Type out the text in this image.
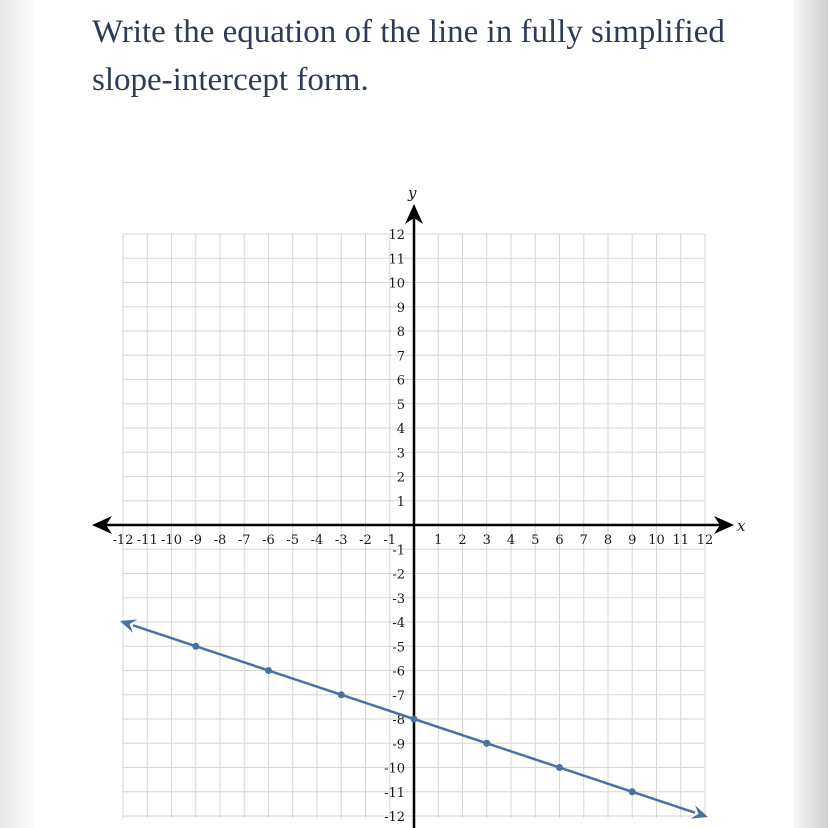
Write the equation of the line in fully simplified slope-intercept form.

x
y
-12 -11 -10 -9 -8 -7 -6 -5 -4 -3 -2 -1	1 2 3 4 5 6 7 8 9 10 11 12
12
11
10
9
8
7
6
5
4
3
2
1
-1
-2
-3
-4
-5
-6
-7
-8
-9
-10
-11
-12
